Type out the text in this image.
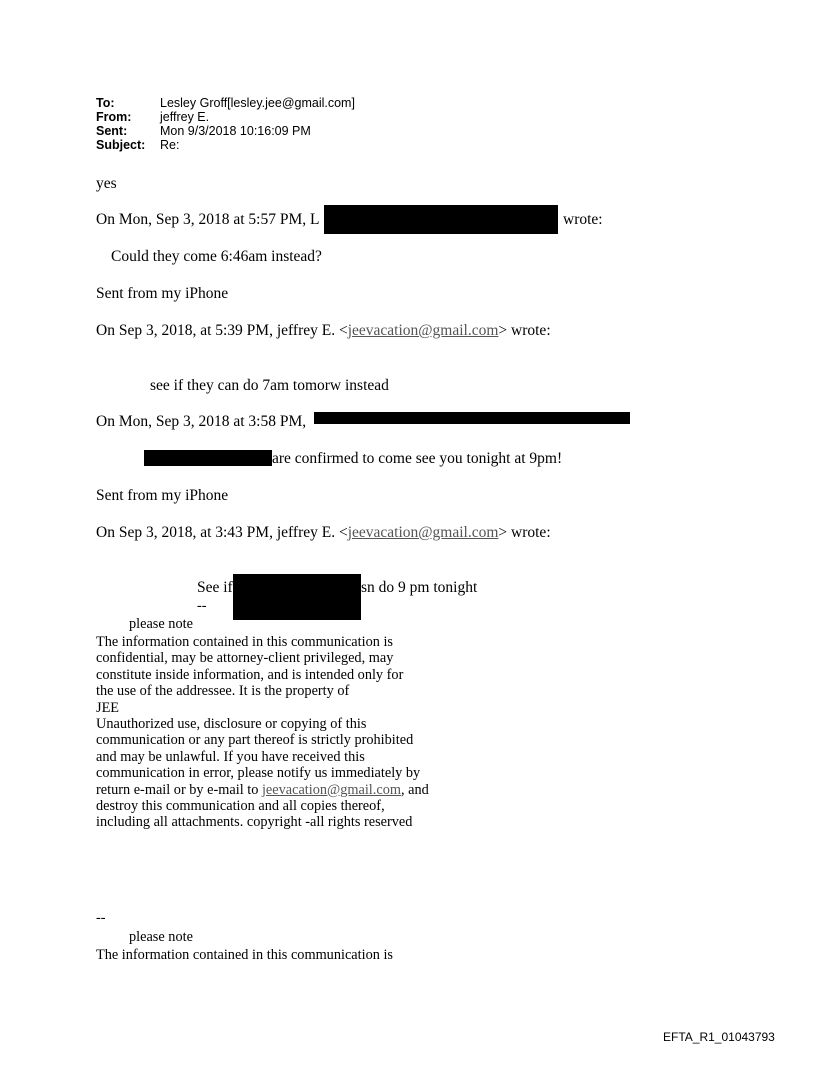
To:	Lesley Groff[lesley.jee@gmail.com]
From: jeffrey E.
Sent:	Mon 9/3/2018 10:16:09 PM
Subject: Re:
yes
On Mon, Sep 3, 2018 at 5:57 PM, L	wrote:
Could they come 6:46am instead?
Sent from my iPhone
On Sep 3, 2018, at 5:39 PM, jeffrey E. <jeevacation@gmail.com> wrote:
see if they can do 7am tomorw instead
On Mon, Sep 3, 2018 at 3:58 PM,
are confirmed to come see you tonight at 9pm!
Sent from my iPhone
On Sep 3, 2018, at 3:43 PM, jeffrey E. <jeevacation@gmail.com> wrote:
See if	sn do 9 pm tonight
--
please note
The information contained in this communication is
confidential, may be attorney-client privileged, may
constitute inside information, and is intended only for
the use of the addressee. It is the property of
JEE
Unauthorized use, disclosure or copying of this
communication or any part thereof is strictly prohibited
and may be unlawful. If you have received this
communication in error, please notify us immediately by
return e-mail or by e-mail to jeevacation@gmail.com, and
destroy this communication and all copies thereof,
including all attachments. copyright -all rights reserved
--
please note
The information contained in this communication is
EFTA_R1_01043793
